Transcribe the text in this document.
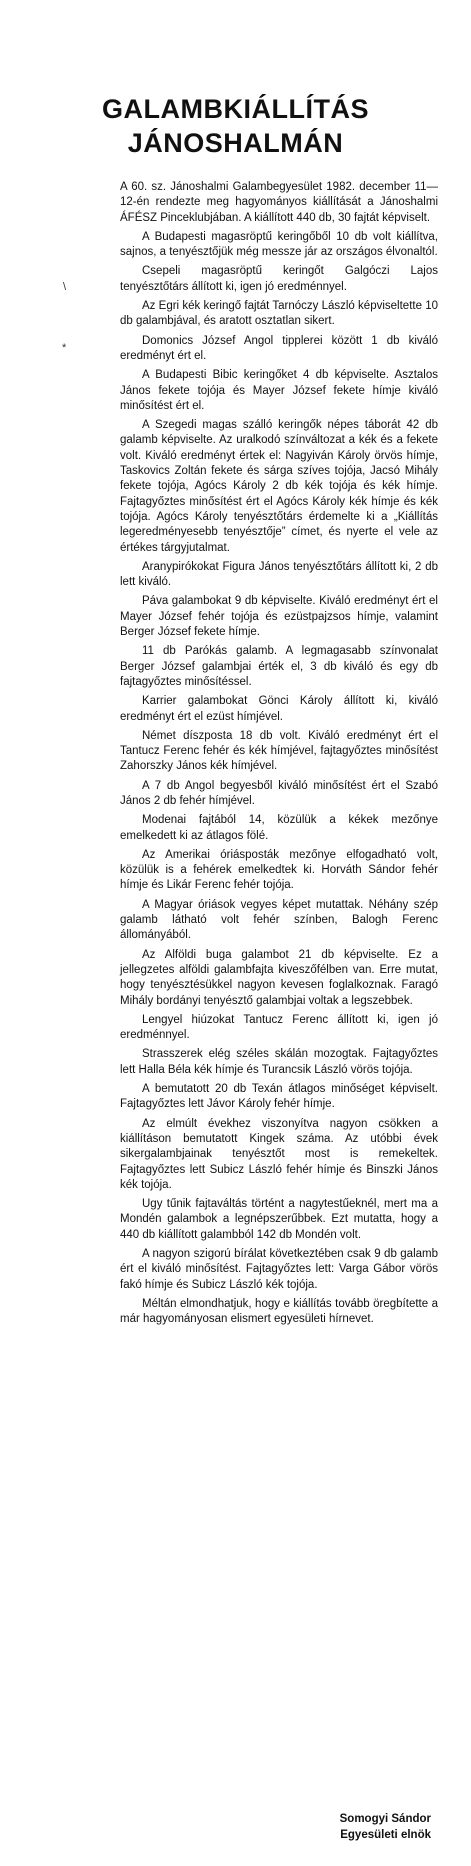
GALAMBKIÁLLÍTÁS
JÁNOSHALMÁN
\
*

A 60. sz. Jánoshalmi Galambegyesület 1982. december 11—12-én rendezte meg hagyományos kiállítását a Jánoshalmi ÁFÉSZ Pinceklubjában. A kiállított 440 db, 30 fajtát képviselt.

A Budapesti magasröptű keringőből 10 db volt kiállítva, sajnos, a tenyésztőjük még messze jár az országos élvonaltól.

Csepeli magasröptű keringőt Galgóczi Lajos tenyésztőtárs állított ki, igen jó eredménnyel.

Az Egri kék keringő fajtát Tarnóczy László képviseltette 10 db galambjával, és aratott osztatlan sikert.

Domonics József Angol tipplerei között 1 db kiváló eredményt ért el.

A Budapesti Bibic keringőket 4 db képviselte. Asztalos János fekete tojója és Mayer József fekete hímje kiváló minősítést ért el.

A Szegedi magas szálló keringők népes táborát 42 db galamb képviselte. Az uralkodó színváltozat a kék és a fekete volt. Kiváló eredményt értek el: Nagyiván Károly örvös hímje, Taskovics Zoltán fekete és sárga szíves tojója, Jacsó Mihály fekete tojója, Agócs Károly 2 db kék tojója és kék hímje. Fajtagyőztes minősítést ért el Agócs Károly kék hímje és kék tojója. Agócs Károly tenyésztőtárs érdemelte ki a „Kiállítás legeredményesebb tenyésztője” címet, és nyerte el vele az értékes tárgyjutalmat.

Aranypirókokat Figura János tenyésztőtárs állított ki, 2 db lett kiváló.

Páva galambokat 9 db képviselte. Kiváló eredményt ért el Mayer József fehér tojója és ezüstpajzsos hímje, valamint Berger József fekete hímje.

11 db Parókás galamb. A legmagasabb színvonalat Berger József galambjai érték el, 3 db kiváló és egy db fajtagyőztes minősítéssel.

Karrier galambokat Gönci Károly állított ki, kiváló eredményt ért el ezüst hímjével.

Német díszposta 18 db volt. Kiváló eredményt ért el Tantucz Ferenc fehér és kék hímjével, fajtagyőztes minősítést Zahorszky János kék hímjével.

A 7 db Angol begyesből kiváló minősítést ért el Szabó János 2 db fehér hímjével.

Modenai fajtából 14, közülük a kékek mezőnye emelkedett ki az átlagos fölé.

Az Amerikai óriásposták mezőnye elfogadható volt, közülük is a fehérek emelkedtek ki. Horváth Sándor fehér hímje és Likár Ferenc fehér tojója.

A Magyar óriások vegyes képet mutattak. Néhány szép galamb látható volt fehér színben, Balogh Ferenc állományából.

Az Alföldi buga galambot 21 db képviselte. Ez a jellegzetes alföldi galambfajta kiveszőfélben van. Erre mutat, hogy tenyésztésükkel nagyon kevesen foglalkoznak. Faragó Mihály bordányi tenyésztő galambjai voltak a legszebbek.

Lengyel hiúzokat Tantucz Ferenc állított ki, igen jó eredménnyel.

Strasszerek elég széles skálán mozogtak. Fajtagyőztes lett Halla Béla kék hímje és Turancsik László vörös tojója.

A bemutatott 20 db Texán átlagos minőséget képviselt. Fajtagyőztes lett Jávor Károly fehér hímje.

Az elmúlt évekhez viszonyítva nagyon csökken a kiállításon bemutatott Kingek száma. Az utóbbi évek sikergalambjainak tenyésztőt most is remekeltek. Fajtagyőztes lett Subicz László fehér hímje és Binszki János kék tojója.

Ugy tűnik fajtaváltás történt a nagytestűeknél, mert ma a Mondén galambok a legnépszerűbbek. Ezt mutatta, hogy a 440 db kiállított galambból 142 db Mondén volt.

A nagyon szigorú bírálat következtében csak 9 db galamb ért el kiváló minősítést. Fajtagyőztes lett: Varga Gábor vörös fakó hímje és Subicz László kék tojója.

Méltán elmondhatjuk, hogy e kiállítás tovább öregbítette a már hagyományosan elismert egyesületi hírnevet.

Somogyi Sándor
Egyesületi elnök
